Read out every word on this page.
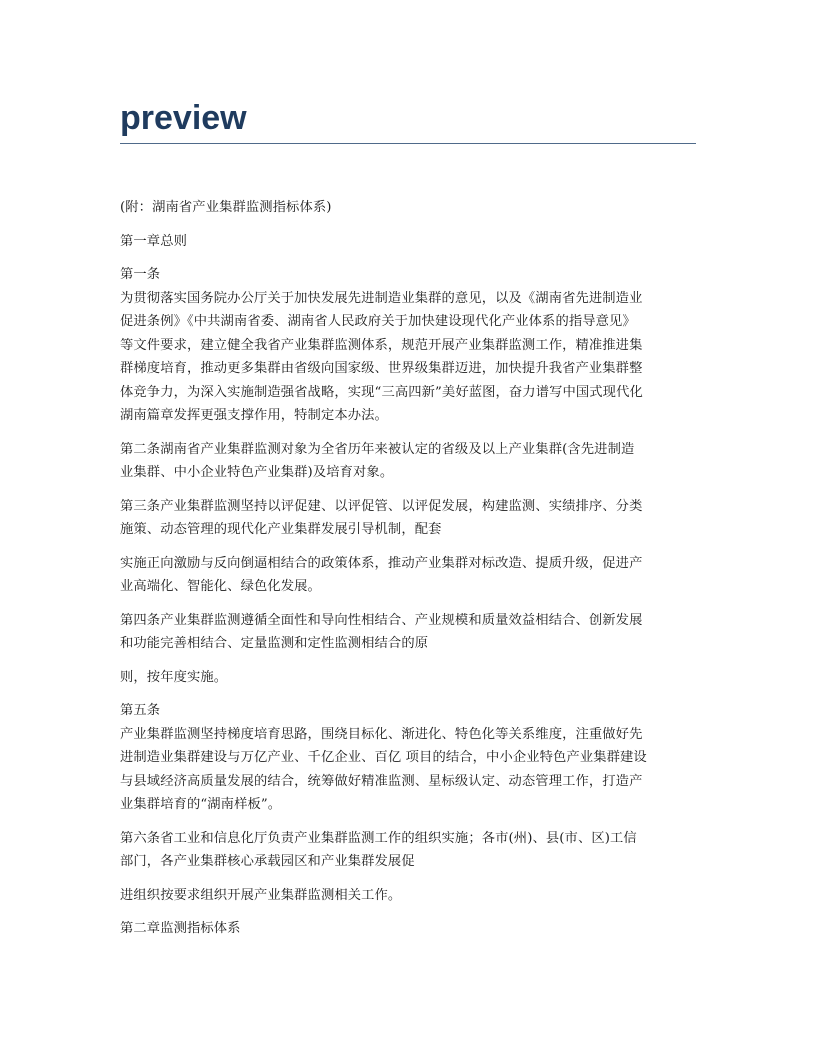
preview

(附：湖南省产业集群监测指标体系)

第一章总则

第一条
为贯彻落实国务院办公厅关于加快发展先进制造业集群的意见，以及《湖南省先进制造业
促进条例》《中共湖南省委、湖南省人民政府关于加快建设现代化产业体系的指导意见》
等文件要求，建立健全我省产业集群监测体系，规范开展产业集群监测工作，精准推进集
群梯度培育，推动更多集群由省级向国家级、世界级集群迈进，加快提升我省产业集群整
体竞争力，为深入实施制造强省战略，实现“三高四新”美好蓝图，奋力谱写中国式现代化
湖南篇章发挥更强支撑作用，特制定本办法。

第二条湖南省产业集群监测对象为全省历年来被认定的省级及以上产业集群(含先进制造
业集群、中小企业特色产业集群)及培育对象。

第三条产业集群监测坚持以评促建、以评促管、以评促发展，构建监测、实绩排序、分类
施策、动态管理的现代化产业集群发展引导机制，配套

实施正向激励与反向倒逼相结合的政策体系，推动产业集群对标改造、提质升级，促进产
业高端化、智能化、绿色化发展。

第四条产业集群监测遵循全面性和导向性相结合、产业规模和质量效益相结合、创新发展
和功能完善相结合、定量监测和定性监测相结合的原

则，按年度实施。

第五条
产业集群监测坚持梯度培育思路，围绕目标化、渐进化、特色化等关系维度，注重做好先
进制造业集群建设与万亿产业、千亿企业、百亿 项目的结合，中小企业特色产业集群建设
与县域经济高质量发展的结合，统筹做好精准监测、星标级认定、动态管理工作，打造产
业集群培育的“湖南样板”。

第六条省工业和信息化厅负责产业集群监测工作的组织实施；各市(州)、县(市、区)工信
部门，各产业集群核心承载园区和产业集群发展促

进组织按要求组织开展产业集群监测相关工作。

第二章监测指标体系
